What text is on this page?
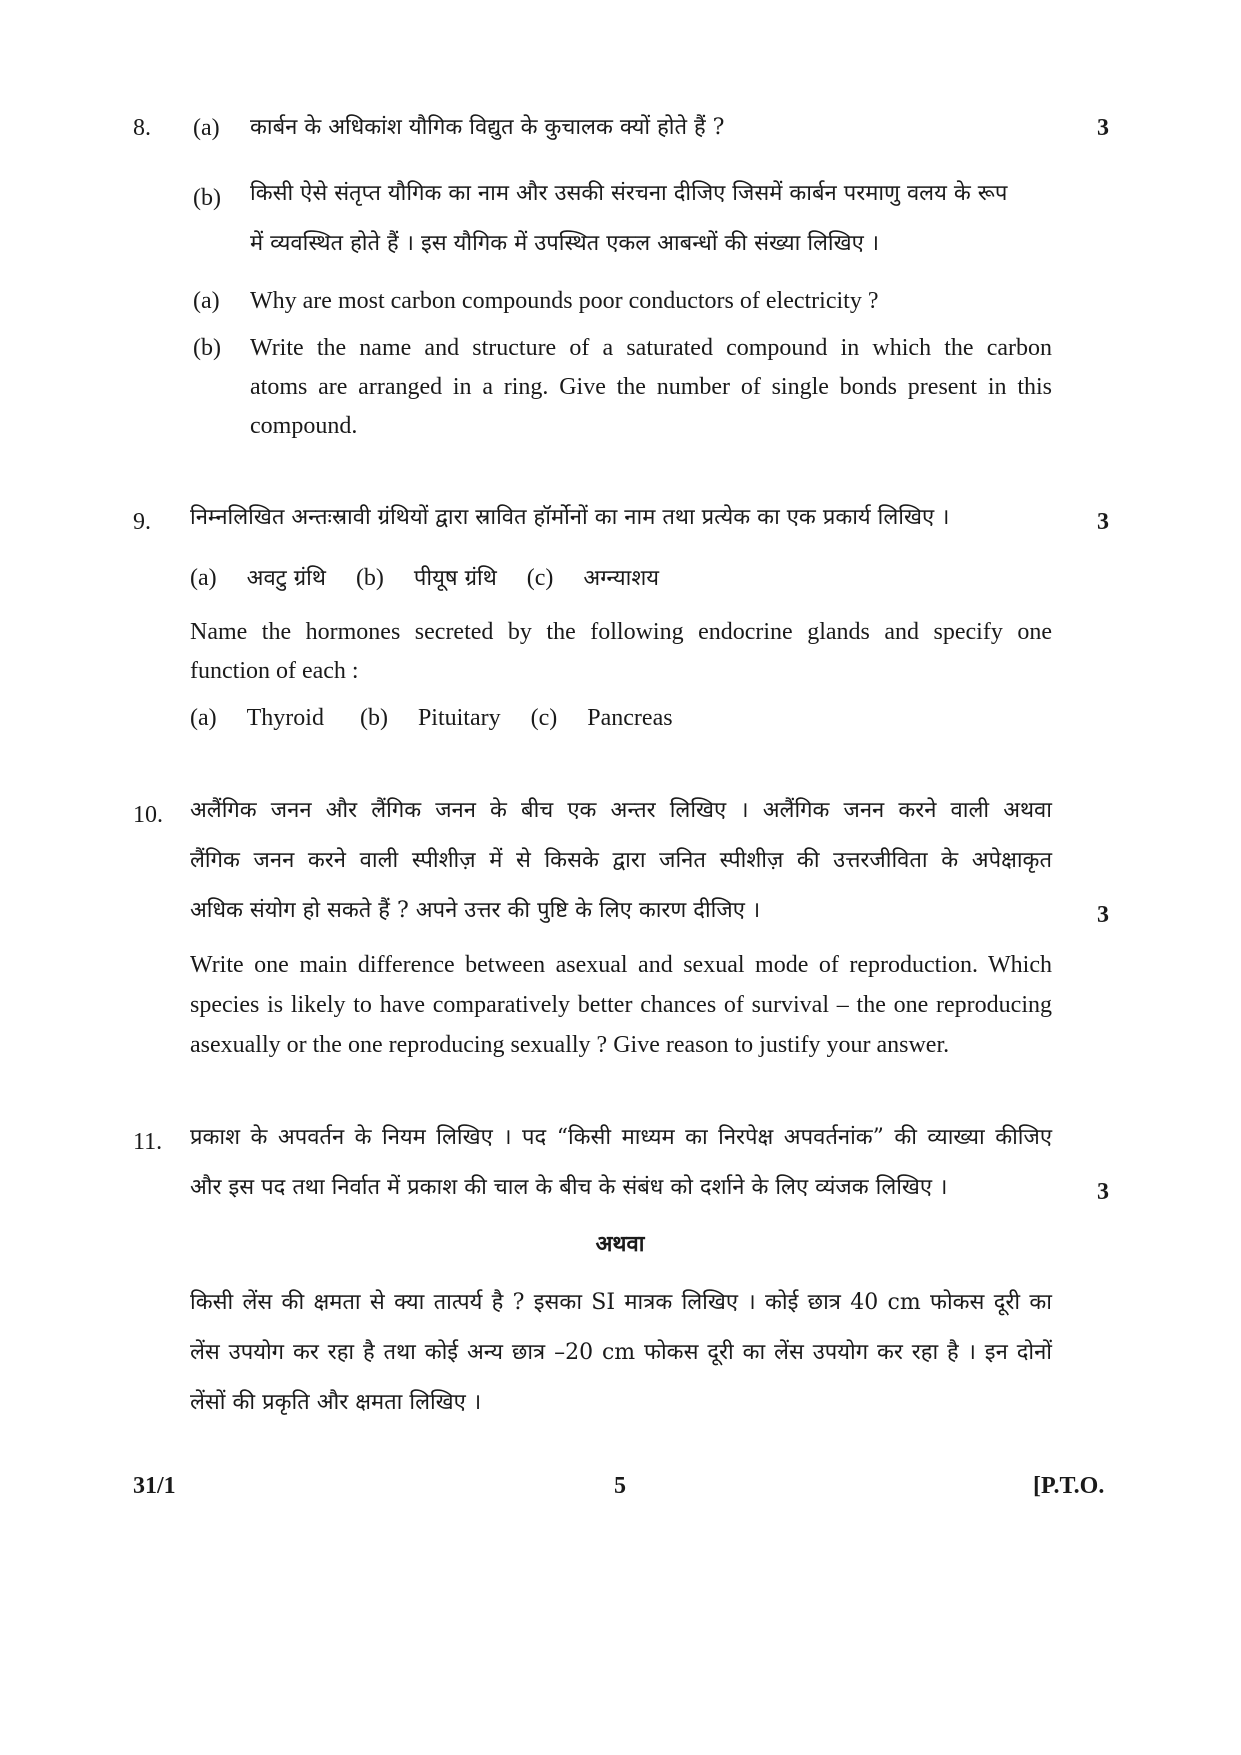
8. (a) कार्बन के अधिकांश यौगिक विद्युत के कुचालक क्यों होते हैं ?	3
(b) किसी ऐसे संतृप्त यौगिक का नाम और उसकी संरचना दीजिए जिसमें कार्बन परमाणु वलय के रूप
में व्यवस्थित होते हैं । इस यौगिक में उपस्थित एकल आबन्धों की संख्या लिखिए ।
(a) Why are most carbon compounds poor conductors of electricity ?
(b) Write the name and structure of a saturated compound in which the carbon
atoms are arranged in a ring. Give the number of single bonds present in this
compound.
9. निम्नलिखित अन्तःस्रावी ग्रंथियों द्वारा स्रावित हॉर्मोनों का नाम तथा प्रत्येक का एक प्रकार्य लिखिए ।	3
(a) अवटु ग्रंथि (b) पीयूष ग्रंथि (c) अग्न्याशय
Name the hormones secreted by the following endocrine glands and specify one
function of each :
(a) Thyroid (b) Pituitary (c) Pancreas
10. अलैंगिक जनन और लैंगिक जनन के बीच एक अन्तर लिखिए । अलैंगिक जनन करने वाली अथवा
लैंगिक जनन करने वाली स्पीशीज़ में से किसके द्वारा जनित स्पीशीज़ की उत्तरजीविता के अपेक्षाकृत
अधिक संयोग हो सकते हैं ? अपने उत्तर की पुष्टि के लिए कारण दीजिए ।	3
Write one main difference between asexual and sexual mode of reproduction. Which
species is likely to have comparatively better chances of survival – the one reproducing
asexually or the one reproducing sexually ? Give reason to justify your answer.
11. प्रकाश के अपवर्तन के नियम लिखिए । पद “किसी माध्यम का निरपेक्ष अपवर्तनांक” की व्याख्या कीजिए
और इस पद तथा निर्वात में प्रकाश की चाल के बीच के संबंध को दर्शाने के लिए व्यंजक लिखिए ।	3
अथवा
किसी लेंस की क्षमता से क्या तात्पर्य है ? इसका SI मात्रक लिखिए । कोई छात्र 40 cm फोकस दूरी का
लेंस उपयोग कर रहा है तथा कोई अन्य छात्र –20 cm फोकस दूरी का लेंस उपयोग कर रहा है । इन दोनों
लेंसों की प्रकृति और क्षमता लिखिए ।
31/1	5	[P.T.O.
